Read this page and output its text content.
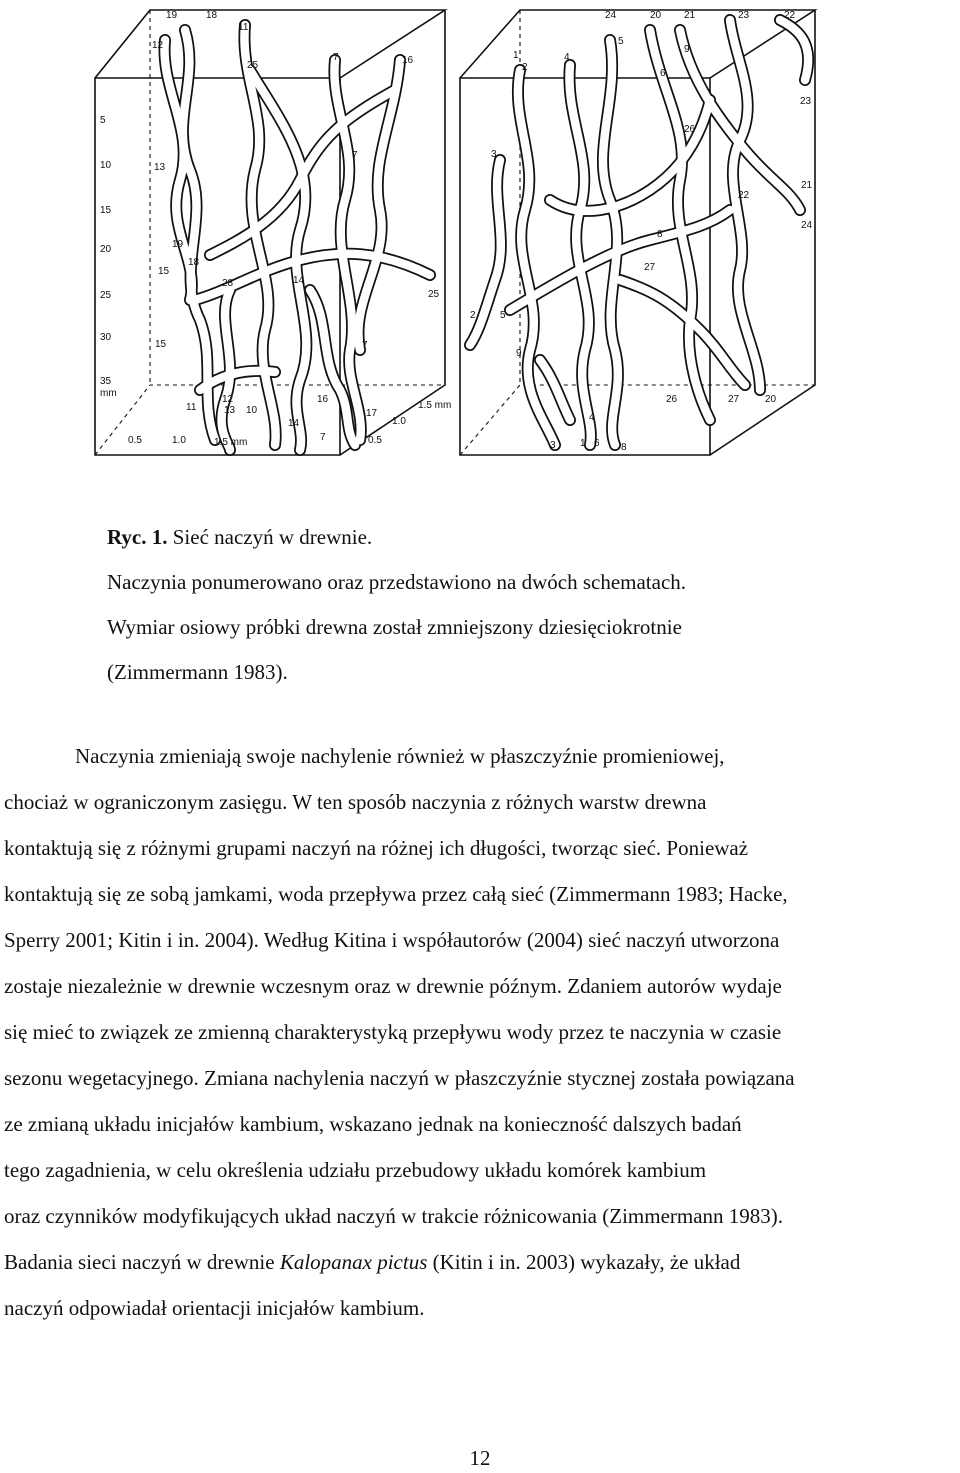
19	18
11
25
7	16
12
7
5
10
15
20
25
30
35
mm
13
19
18
15
28	14
25
15	7
1.5 mm
1.0
11
12
13 10
14
16
17
7
0.5	1.0	1.5 mm	0.5
24	20 21	23	22
5
9
1
2
4
6
23
3
26
22
21
24
8
27
2 5
9
26	27	20
4
3 1 6 8
Ryc. 1. Sieć naczyń w drewnie.
Naczynia ponumerowano oraz przedstawiono na dwóch schematach.
Wymiar osiowy próbki drewna został zmniejszony dziesięciokrotnie
(Zimmermann 1983).
Naczynia zmieniają swoje nachylenie również w płaszczyźnie promieniowej,
chociaż w ograniczonym zasięgu. W ten sposób naczynia z różnych warstw drewna
kontaktują się z różnymi grupami naczyń na różnej ich długości, tworząc sieć. Ponieważ
kontaktują się ze sobą jamkami, woda przepływa przez całą sieć (Zimmermann 1983; Hacke,
Sperry 2001; Kitin i in. 2004). Według Kitina i współautorów (2004) sieć naczyń utworzona
zostaje niezależnie w drewnie wczesnym oraz w drewnie późnym. Zdaniem autorów wydaje
się mieć to związek ze zmienną charakterystyką przepływu wody przez te naczynia w czasie
sezonu wegetacyjnego. Zmiana nachylenia naczyń w płaszczyźnie stycznej została powiązana
ze zmianą układu inicjałów kambium, wskazano jednak na konieczność dalszych badań
tego zagadnienia, w celu określenia udziału przebudowy układu komórek kambium
oraz czynników modyfikujących układ naczyń w trakcie różnicowania (Zimmermann 1983).
Badania sieci naczyń w drewnie Kalopanax pictus (Kitin i in. 2003) wykazały, że układ
naczyń odpowiadał orientacji inicjałów kambium.
12
